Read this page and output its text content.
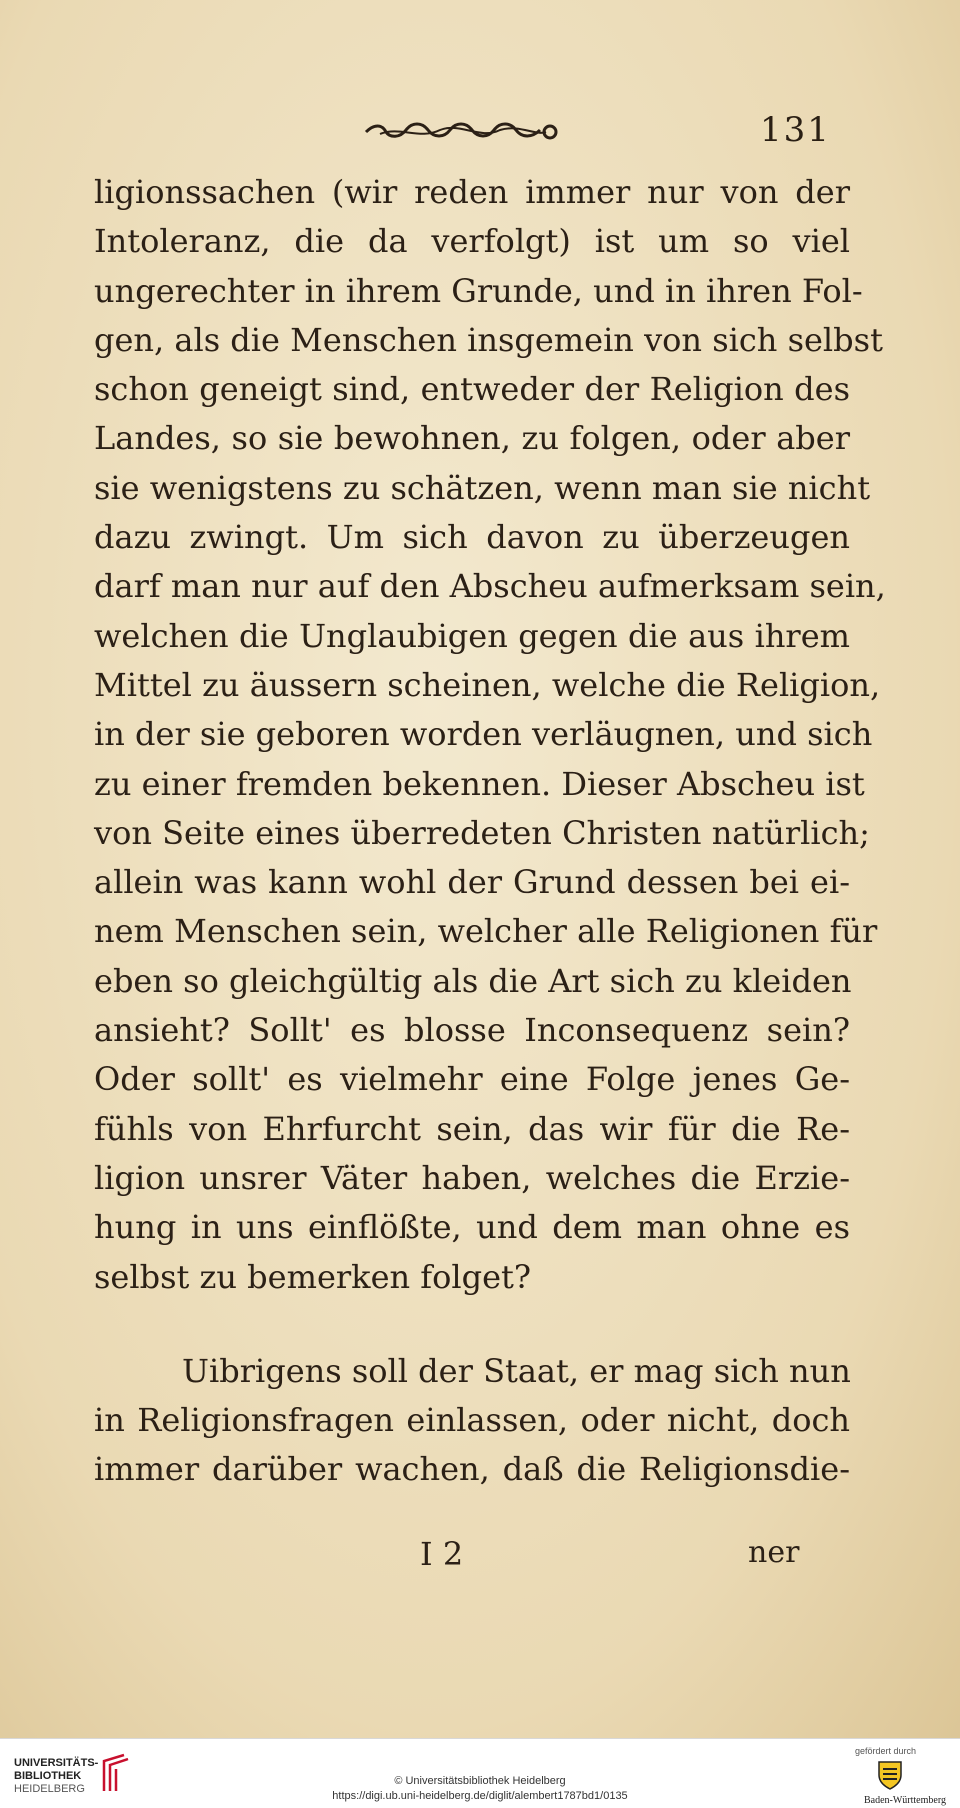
131
ligionssachen (wir reden immer nur von der
Intoleranz, die da verfolgt) ist um so viel
ungerechter in ihrem Grunde, und in ihren Fol-
gen, als die Menschen insgemein von sich selbst
schon geneigt sind, entweder der Religion des
Landes, so sie bewohnen, zu folgen, oder aber
sie wenigstens zu schätzen, wenn man sie nicht
dazu zwingt. Um sich davon zu überzeugen
darf man nur auf den Abscheu aufmerksam sein,
welchen die Unglaubigen gegen die aus ihrem
Mittel zu äussern scheinen, welche die Religion,
in der sie geboren worden verläugnen, und sich
zu einer fremden bekennen. Dieser Abscheu ist
von Seite eines überredeten Christen natürlich;
allein was kann wohl der Grund dessen bei ei-
nem Menschen sein, welcher alle Religionen für
eben so gleichgültig als die Art sich zu kleiden
ansieht? Sollt' es blosse Inconsequenz sein?
Oder sollt' es vielmehr eine Folge jenes Ge-
fühls von Ehrfurcht sein, das wir für die Re-
ligion unsrer Väter haben, welches die Erzie-
hung in uns einflößte, und dem man ohne es
selbst zu bemerken folget?
Uibrigens soll der Staat, er mag sich nun
in Religionsfragen einlassen, oder nicht, doch
immer darüber wachen, daß die Religionsdie-
I 2	ner
UNIVERSITÄTS-
BIBLIOTHEK
HEIDELBERG
© Universitätsbibliothek Heidelberg
https://digi.ub.uni-heidelberg.de/diglit/alembert1787bd1/0135
gefördert durch
Baden-Württemberg
